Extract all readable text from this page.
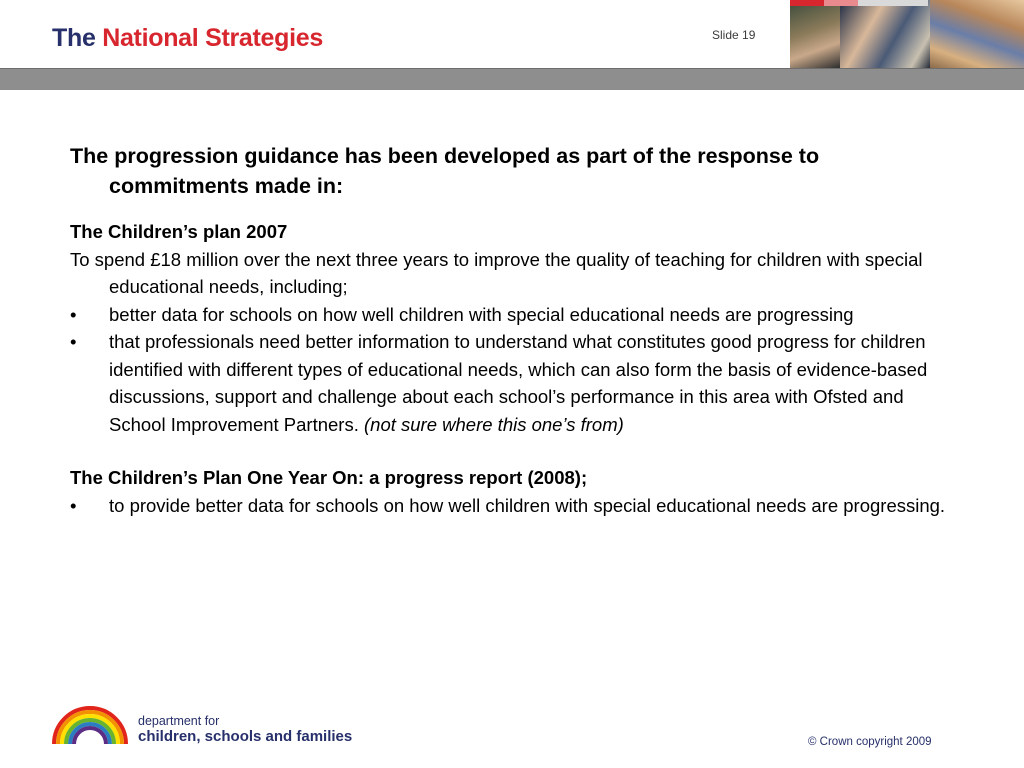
The National Strategies	Slide 19

The progression guidance has been developed as part of the response to commitments made in:

The Children’s plan 2007

To spend £18 million over the next three years to improve the quality of teaching for children with special educational needs, including;

• better data for schools on how well children with special educational needs are progressing

• that professionals need better information to understand what constitutes good progress for children identified with different types of educational needs, which can also form the basis of evidence-based discussions, support and challenge about each school’s performance in this area with Ofsted and School Improvement Partners. (not sure where this one’s from)

The Children’s Plan One Year On: a progress report (2008);

• to provide better data for schools on how well children with special educational needs are progressing.

department for
children, schools and families	© Crown copyright 2009
